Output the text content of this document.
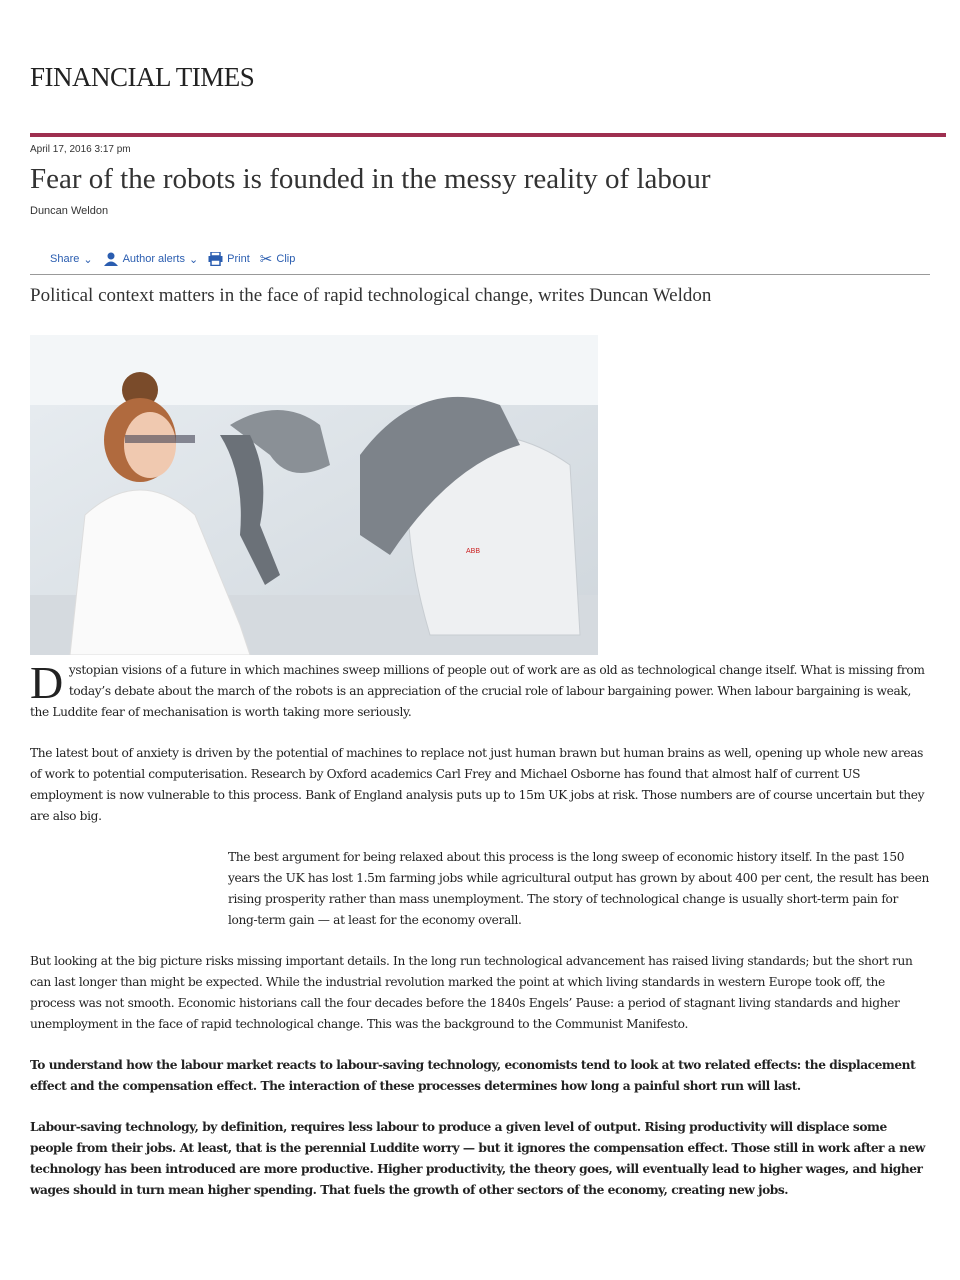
FINANCIAL TIMES
April 17, 2016 3:17 pm
Fear of the robots is founded in the messy reality of labour
Duncan Weldon
Share ⌄	Author alerts ⌄	Print ✂ Clip
Political context matters in the face of rapid technological change, writes Duncan Weldon
ABB

Dystopian visions of a future in which machines sweep millions of people out of work are as old as technological change itself. What is missing from today’s debate about the march of the robots is an appreciation of the crucial role of labour bargaining power. When labour bargaining is weak, the Luddite fear of mechanisation is worth taking more seriously.

The latest bout of anxiety is driven by the potential of machines to replace not just human brawn but human brains as well, opening up whole new areas of work to potential computerisation. Research by Oxford academics Carl Frey and Michael Osborne has found that almost half of current US employment is now vulnerable to this process. Bank of England analysis puts up to 15m UK jobs at risk. Those numbers are of course uncertain but they are also big.

The best argument for being relaxed about this process is the long sweep of economic history itself. In the past 150 years the UK has lost 1.5m farming jobs while agricultural output has grown by about 400 per cent, the result has been rising prosperity rather than mass unemployment. The story of technological change is usually short-term pain for long-term gain — at least for the economy overall.

But looking at the big picture risks missing important details. In the long run technological advancement has raised living standards; but the short run can last longer than might be expected. While the industrial revolution marked the point at which living standards in western Europe took off, the process was not smooth. Economic historians call the four decades before the 1840s Engels’ Pause: a period of stagnant living standards and higher unemployment in the face of rapid technological change. This was the background to the Communist Manifesto.

To understand how the labour market reacts to labour-saving technology, economists tend to look at two related effects: the displacement effect and the compensation effect. The interaction of these processes determines how long a painful short run will last.

Labour-saving technology, by definition, requires less labour to produce a given level of output. Rising productivity will displace some people from their jobs. At least, that is the perennial Luddite worry — but it ignores the compensation effect. Those still in work after a new technology has been introduced are more productive. Higher productivity, the theory goes, will eventually lead to higher wages, and higher wages should in turn mean higher spending. That fuels the growth of other sectors of the economy, creating new jobs.
